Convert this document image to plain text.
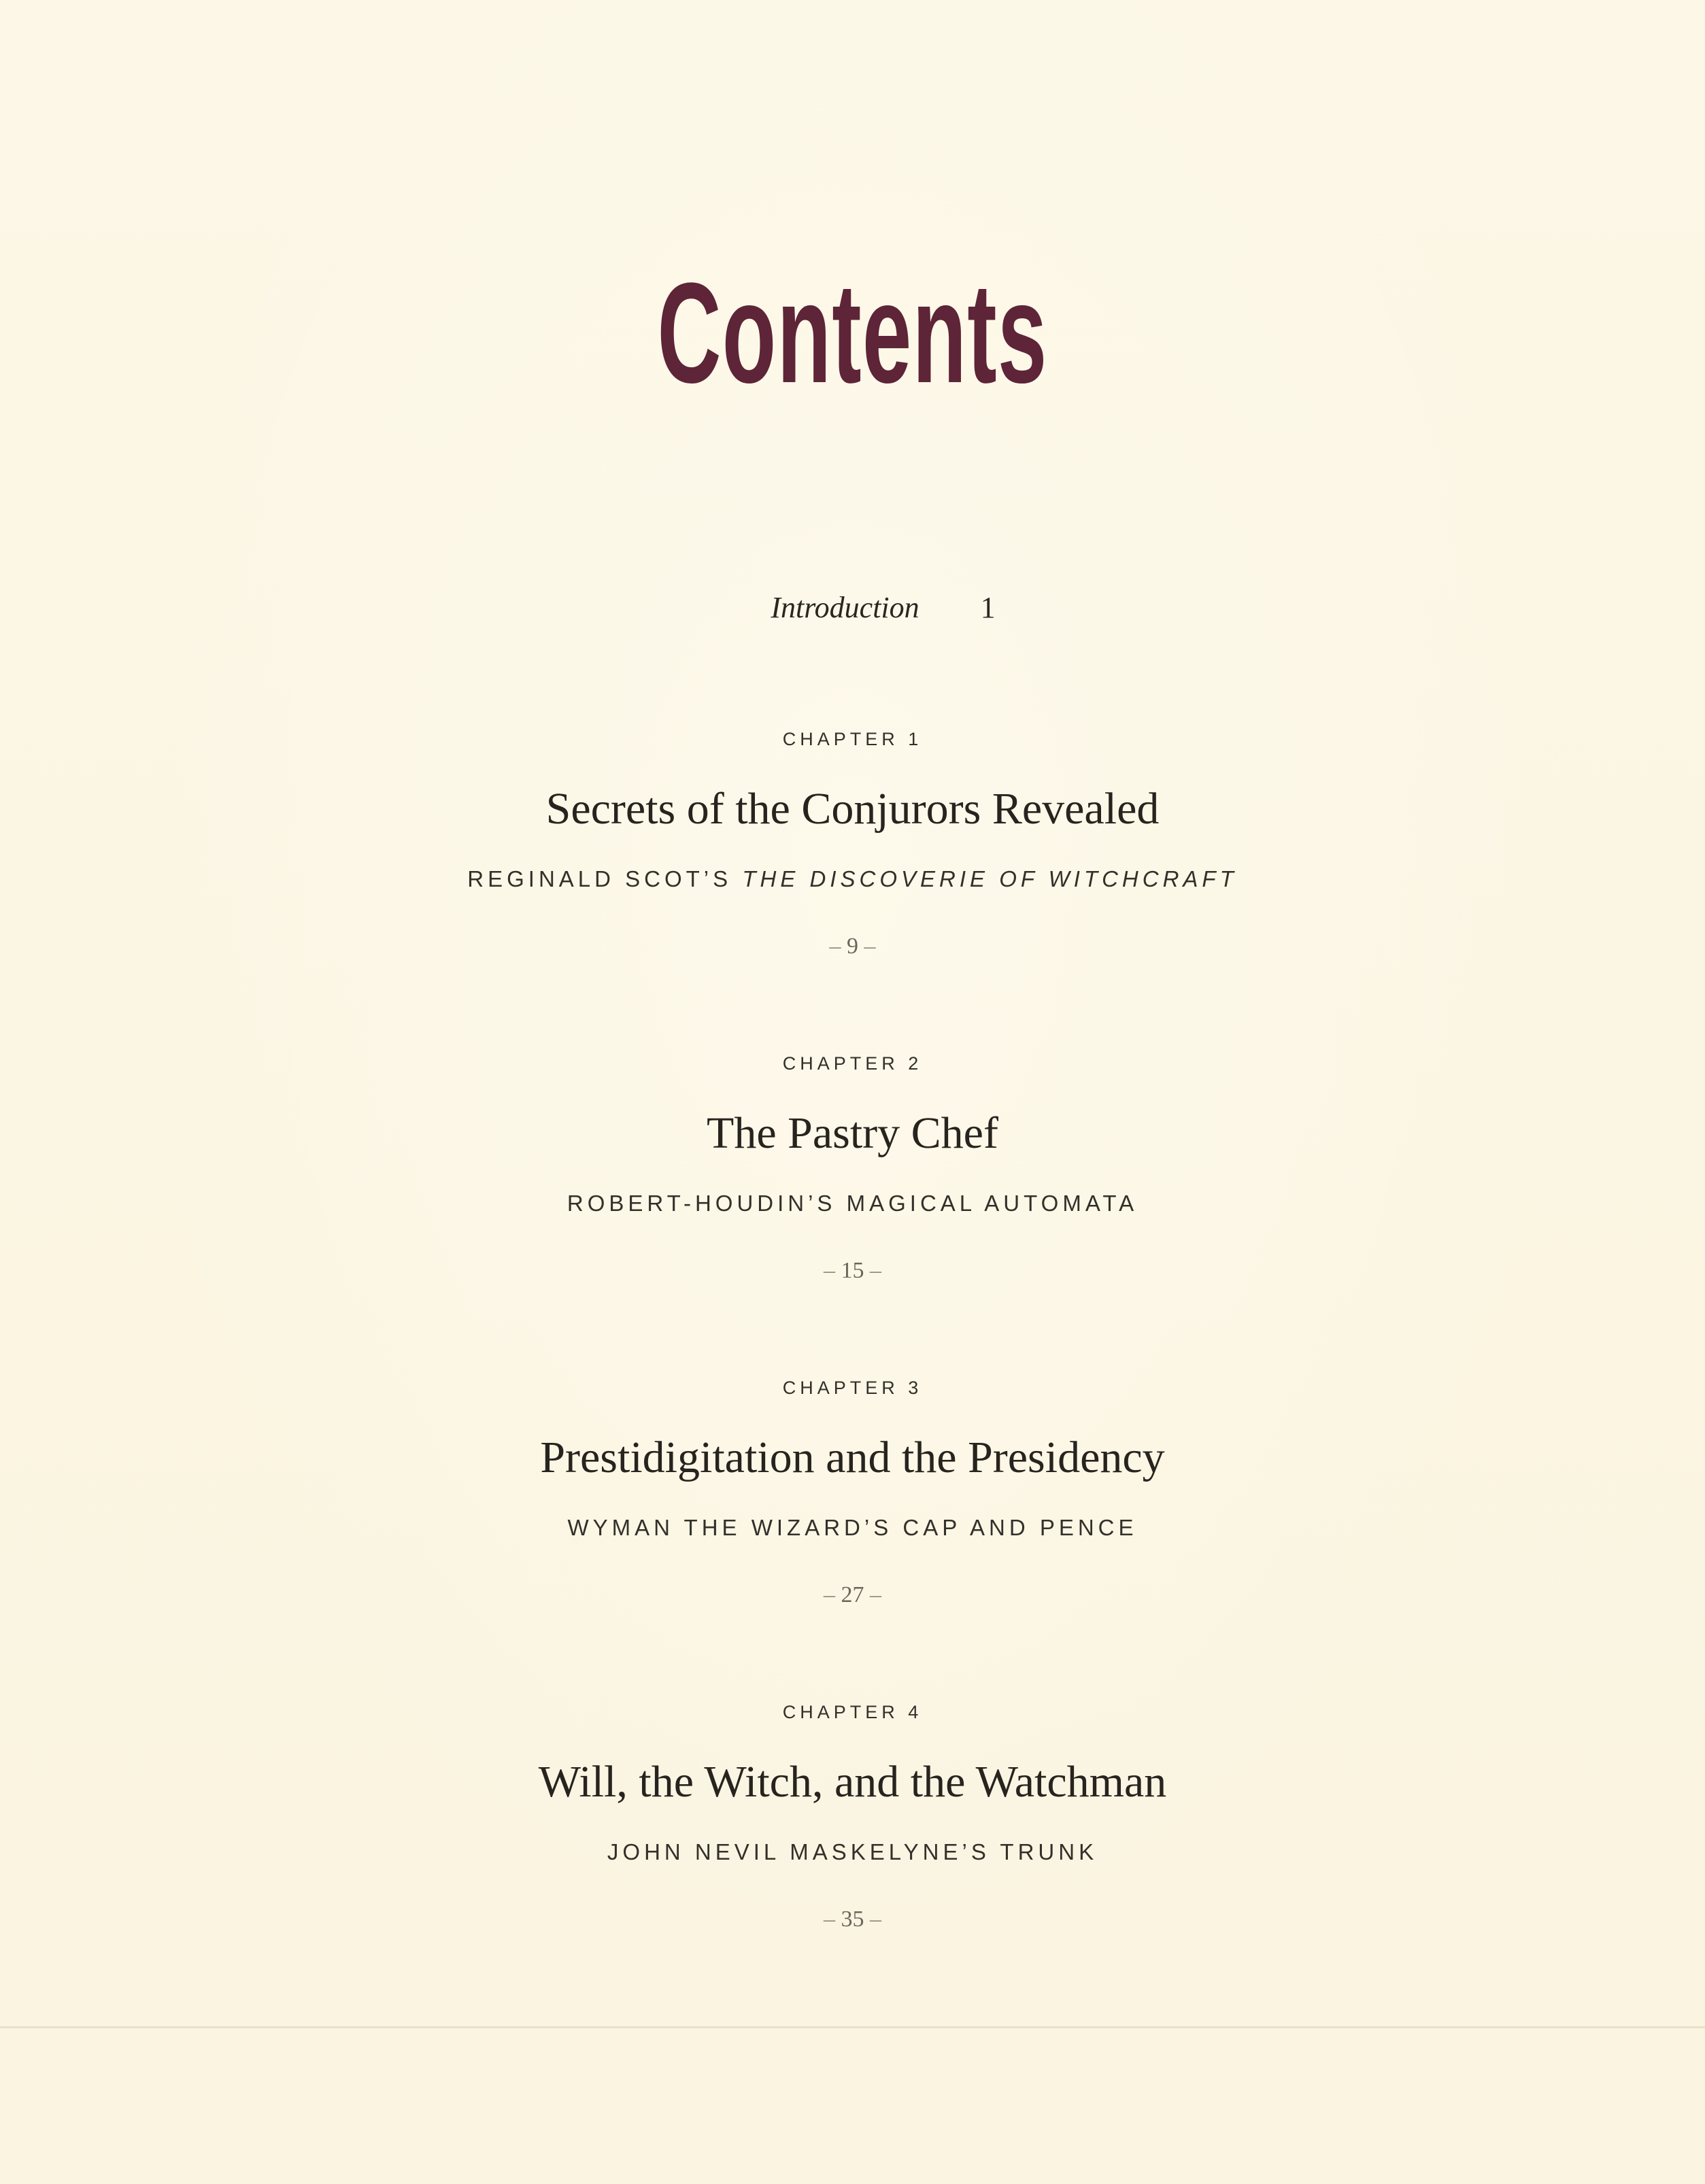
Contents
Introduction 1
CHAPTER 1
Secrets of the Conjurors Revealed
REGINALD SCOT’S THE DISCOVERIE OF WITCHCRAFT
– 9 –
CHAPTER 2
The Pastry Chef
ROBERT-HOUDIN’S MAGICAL AUTOMATA
– 15 –
CHAPTER 3
Prestidigitation and the Presidency
WYMAN THE WIZARD’S CAP AND PENCE
– 27 –
CHAPTER 4
Will, the Witch, and the Watchman
JOHN NEVIL MASKELYNE’S TRUNK
– 35 –
